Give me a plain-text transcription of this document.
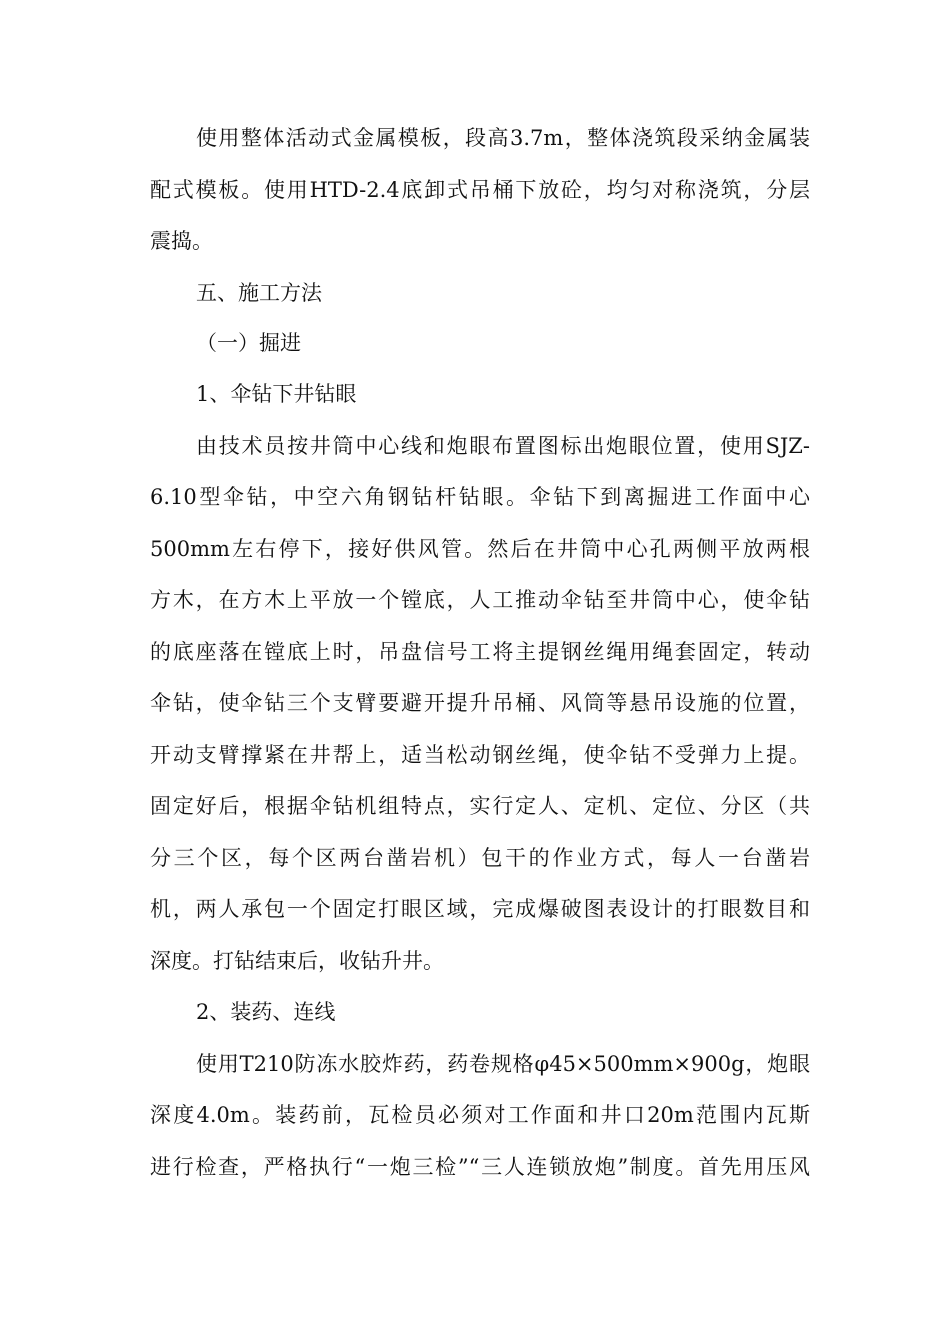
使用整体活动式金属模板，段高3.7m，整体浇筑段采纳金属装

配式模板。使用HTD-2.4底卸式吊桶下放砼，均匀对称浇筑，分层

震捣。

五、施工方法

（一）掘进

1、伞钻下井钻眼

由技术员按井筒中心线和炮眼布置图标出炮眼位置，使用SJZ-

6.10型伞钻，中空六角钢钻杆钻眼。伞钻下到离掘进工作面中心

500mm左右停下，接好供风管。然后在井筒中心孔两侧平放两根

方木，在方木上平放一个镗底，人工推动伞钻至井筒中心，使伞钻

的底座落在镗底上时，吊盘信号工将主提钢丝绳用绳套固定，转动

伞钻，使伞钻三个支臂要避开提升吊桶、风筒等悬吊设施的位置，

开动支臂撑紧在井帮上，适当松动钢丝绳，使伞钻不受弹力上提。

固定好后，根据伞钻机组特点，实行定人、定机、定位、分区（共

分三个区，每个区两台凿岩机）包干的作业方式，每人一台凿岩

机，两人承包一个固定打眼区域，完成爆破图表设计的打眼数目和

深度。打钻结束后，收钻升井。

2、装药、连线

使用T210防冻水胶炸药，药卷规格φ45×500mm×900g，炮眼

深度4.0m。装药前，瓦检员必须对工作面和井口20m范围内瓦斯

进行检查，严格执行“一炮三检”“三人连锁放炮”制度。首先用压风
